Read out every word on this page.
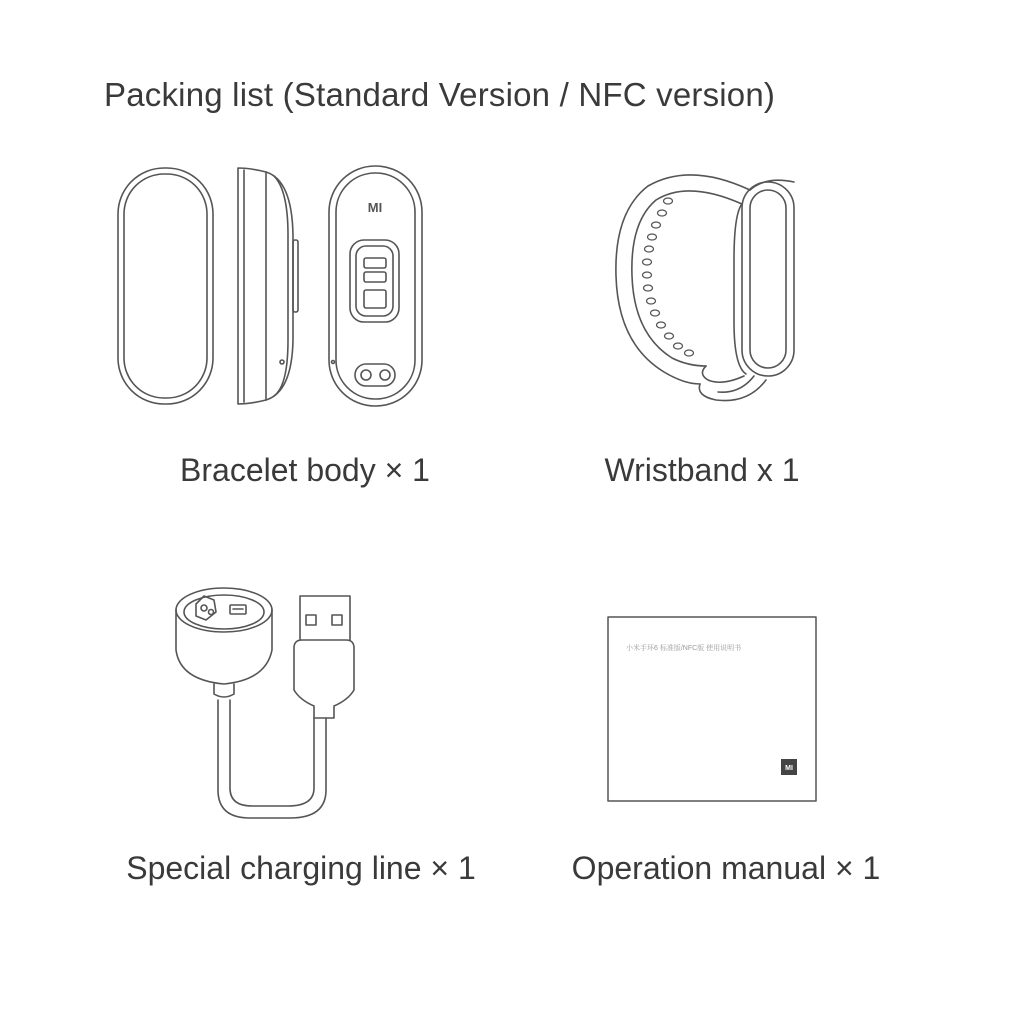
Packing list (Standard Version / NFC version)
MI
小米手环6 标准版/NFC版 使用说明书
MI
Bracelet body × 1	Wristband x 1
Special charging line × 1	Operation manual × 1
